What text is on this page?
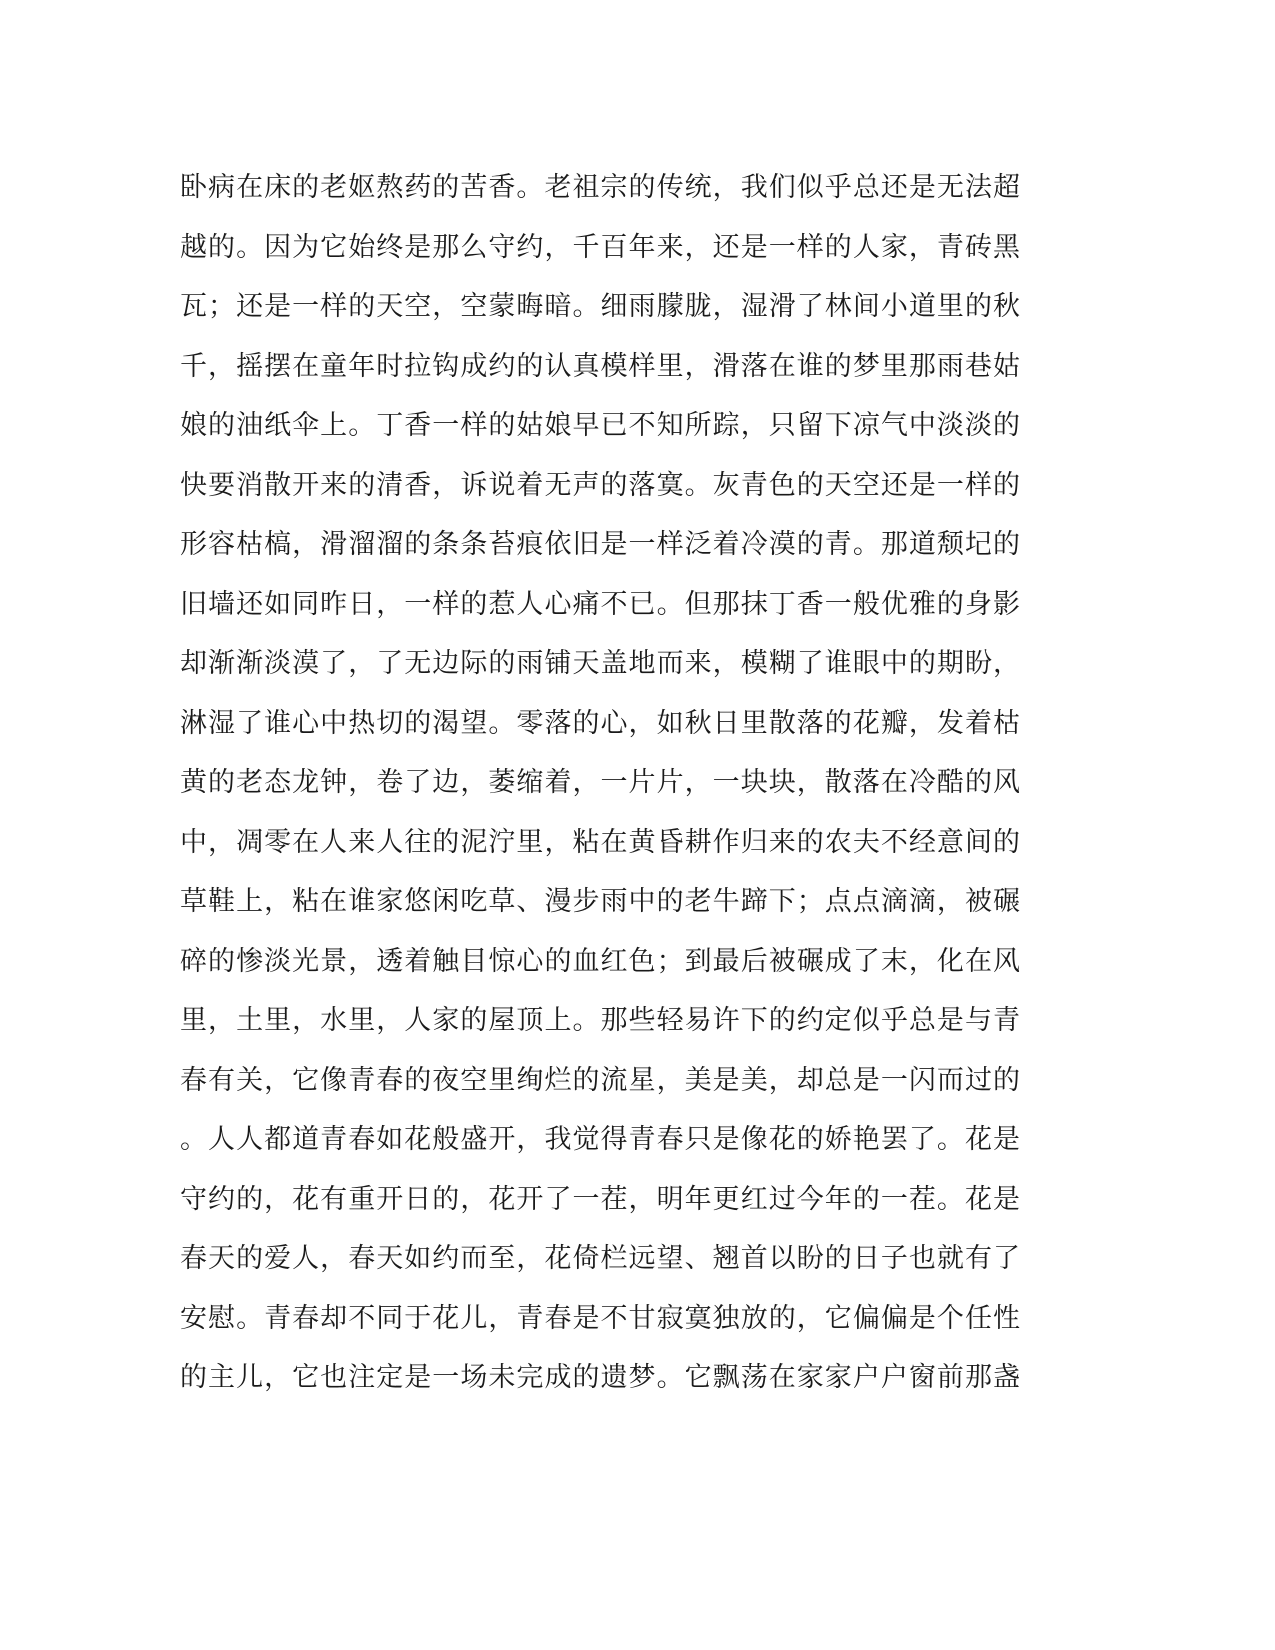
卧病在床的老妪熬药的苦香。老祖宗的传统，我们似乎总还是无法超
越的。因为它始终是那么守约，千百年来，还是一样的人家，青砖黑
瓦；还是一样的天空，空蒙晦暗。细雨朦胧，湿滑了林间小道里的秋
千，摇摆在童年时拉钩成约的认真模样里，滑落在谁的梦里那雨巷姑
娘的油纸伞上。丁香一样的姑娘早已不知所踪，只留下凉气中淡淡的
快要消散开来的清香，诉说着无声的落寞。灰青色的天空还是一样的
形容枯槁，滑溜溜的条条苔痕依旧是一样泛着冷漠的青。那道颓圮的
旧墙还如同昨日，一样的惹人心痛不已。但那抹丁香一般优雅的身影
却渐渐淡漠了，了无边际的雨铺天盖地而来，模糊了谁眼中的期盼，
淋湿了谁心中热切的渴望。零落的心，如秋日里散落的花瓣，发着枯
黄的老态龙钟，卷了边，萎缩着，一片片，一块块，散落在冷酷的风
中，凋零在人来人往的泥泞里，粘在黄昏耕作归来的农夫不经意间的
草鞋上，粘在谁家悠闲吃草、漫步雨中的老牛蹄下；点点滴滴，被碾
碎的惨淡光景，透着触目惊心的血红色；到最后被碾成了末，化在风
里，土里，水里，人家的屋顶上。那些轻易许下的约定似乎总是与青
春有关，它像青春的夜空里绚烂的流星，美是美，却总是一闪而过的
。人人都道青春如花般盛开，我觉得青春只是像花的娇艳罢了。花是
守约的，花有重开日的，花开了一茬，明年更红过今年的一茬。花是
春天的爱人，春天如约而至，花倚栏远望、翘首以盼的日子也就有了
安慰。青春却不同于花儿，青春是不甘寂寞独放的，它偏偏是个任性
的主儿，它也注定是一场未完成的遗梦。它飘荡在家家户户窗前那盏
